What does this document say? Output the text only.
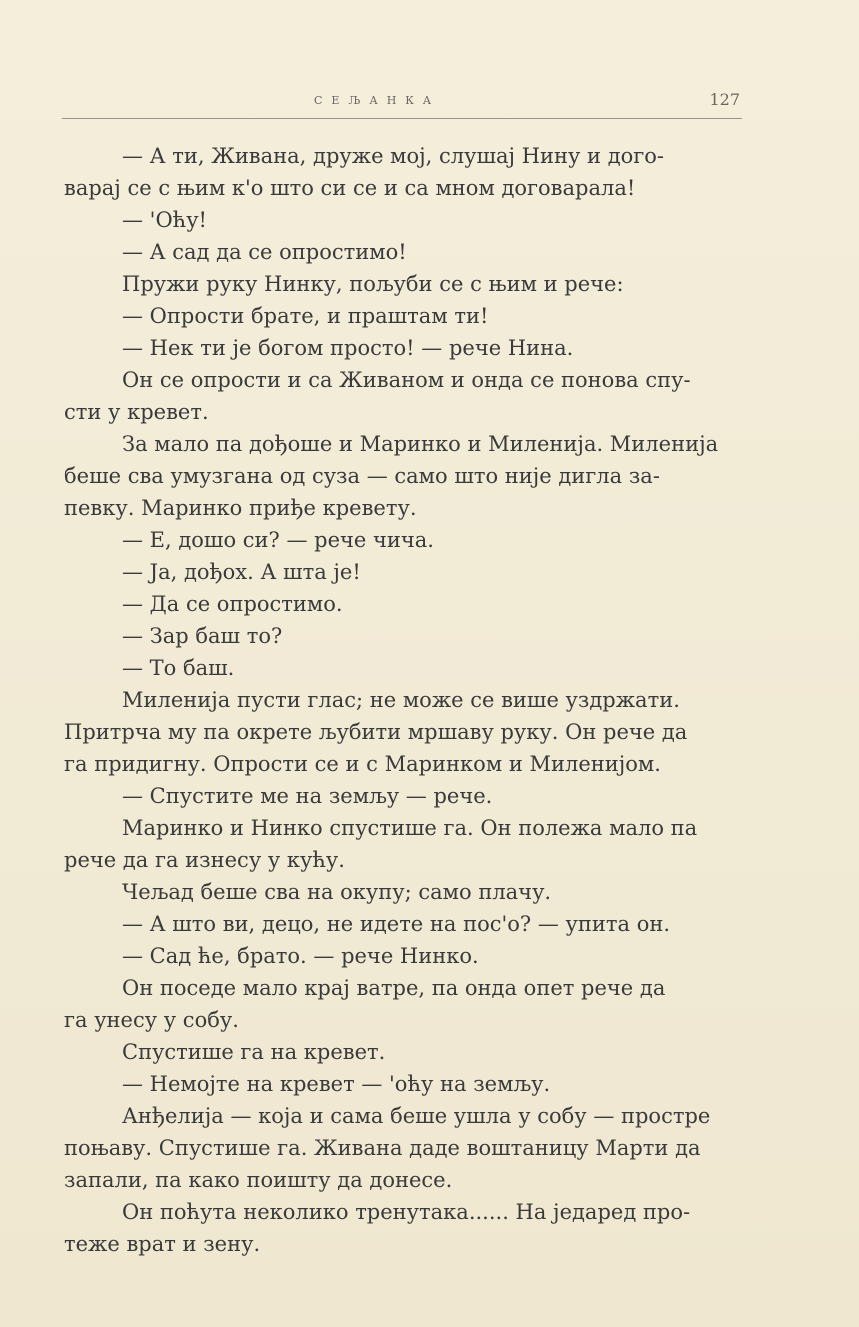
СЕЉАНКА	127
— А ти, Живана, друже мој, слушај Нину и дого-
варај се с њим к'о што си се и са мном договарала!
— 'Оћу!
— А сад да се опростимо!
Пружи руку Нинку, пољуби се с њим и рече:
— Опрости брате, и праштам ти!
— Нек ти је богом просто! — рече Нина.
Он се опрости и са Живаном и онда се понова спу-
сти у кревет.
За мало па дођоше и Маринко и Миленија. Миленија
беше сва умузгана од суза — само што није дигла за-
певку. Маринко приђе кревету.
— Е, дошо си? — рече чича.
— Ја, дођох. А шта је!
— Да се опростимо.
— Зар баш то?
— То баш.
Миленија пусти глас; не може се више уздржати.
Притрча му па окрете љубити мршаву руку. Он рече да
га придигну. Опрости се и с Маринком и Миленијом.
— Спустите ме на земљу — рече.
Маринко и Нинко спустише га. Он полежа мало па
рече да га изнесу у кућу.
Чељад беше сва на окупу; само плачу.
— А што ви, децо, не идете на пос'о? — упита он.
— Сад ће, брато. — рече Нинко.
Он поседе мало крај ватре, па онда опет рече да
га унесу у собу.
Спустише га на кревет.
— Немојте на кревет — 'оћу на земљу.
Анђелија — која и сама беше ушла у собу — простре
поњаву. Спустише га. Живана даде воштаницу Марти да
запали, па како поишту да донесе.
Он поћута неколико тренутака...... На једаред про-
теже врат и зену.
